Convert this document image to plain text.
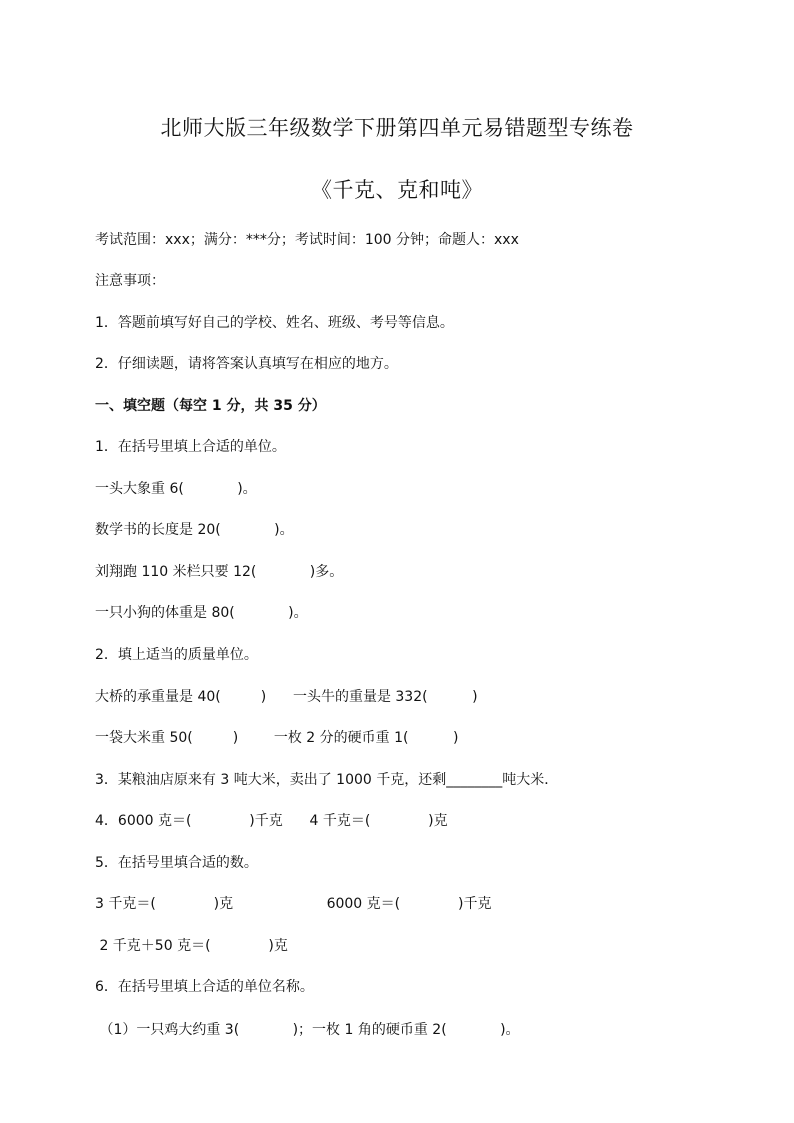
北师大版三年级数学下册第四单元易错题型专练卷
《千克、克和吨》
考试范围：xxx；满分：***分；考试时间：100 分钟；命题人：xxx
注意事项：
1．答题前填写好自己的学校、姓名、班级、考号等信息。
2．仔细读题，请将答案认真填写在相应的地方。
一、填空题（每空 1 分，共 35 分）
1．在括号里填上合适的单位。
一头大象重 6(            )。
数学书的长度是 20(            )。
刘翔跑 110 米栏只要 12(            )多。
一只小狗的体重是 80(            )。
2．填上适当的质量单位。
大桥的承重量是 40(         )      一头牛的重量是 332(          )
一袋大米重 50(         )        一枚 2 分的硬币重 1(          )
3．某粮油店原来有 3 吨大米，卖出了 1000 千克，还剩________吨大米．
4．6000 克＝(             )千克      4 千克＝(             )克
5．在括号里填合适的数。
3 千克＝(             )克                     6000 克＝(             )千克
2 千克＋50 克＝(             )克
6．在括号里填上合适的单位名称。
（1）一只鸡大约重 3(            )；一枚 1 角的硬币重 2(            )。
